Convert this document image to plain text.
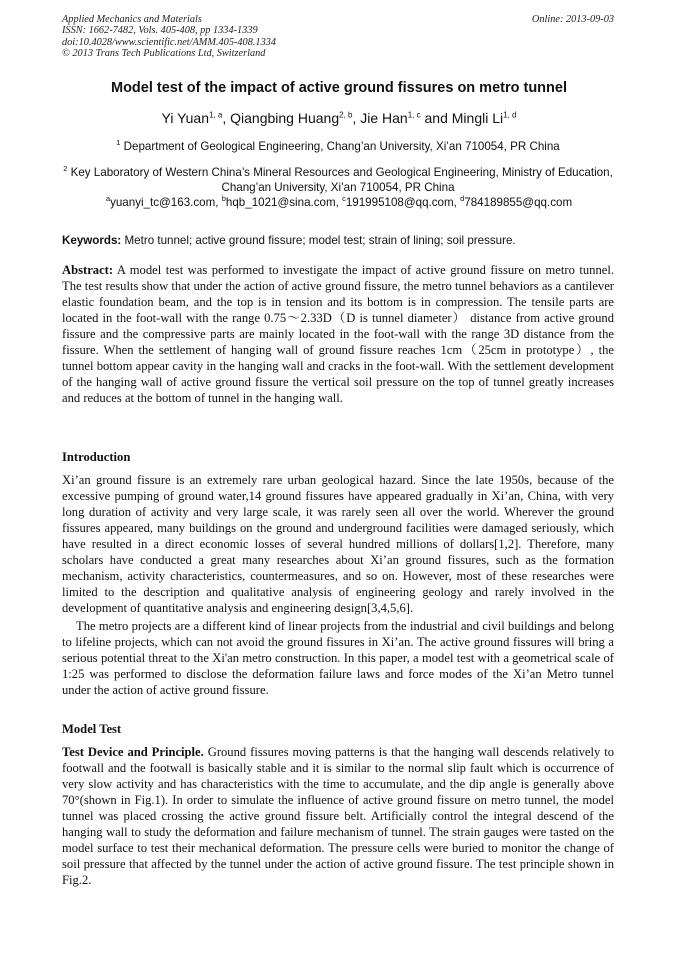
Applied Mechanics and Materials
ISSN: 1662-7482, Vols. 405-408, pp 1334-1339
doi:10.4028/www.scientific.net/AMM.405-408.1334
© 2013 Trans Tech Publications Ltd, Switzerland
Online: 2013-09-03
Model test of the impact of active ground fissures on metro tunnel
Yi Yuan$^{1, a}$, Qiangbing Huang$^{2, b}$, Jie Han$^{1, c}$ and Mingli Li$^{1, d}$
$^1$ Department of Geological Engineering, Chang’an University, Xi’an 710054, PR China
$^2$ Key Laboratory of Western China’s Mineral Resources and Geological Engineering, Ministry of Education, Chang’an University, Xi’an 710054, PR China
$^a$yuanyi_tc@163.com, $^b$hqb_1021@sina.com, $^c$191995108@qq.com, $^d$784189855@qq.com
Keywords: Metro tunnel; active ground fissure; model test; strain of lining; soil pressure.
Abstract: A model test was performed to investigate the impact of active ground fissure on metro tunnel. The test results show that under the action of active ground fissure, the metro tunnel behaviors as a cantilever elastic foundation beam, and the top is in tension and its bottom is in compression. The tensile parts are located in the foot-wall with the range 0.75～2.33D（D is tunnel diameter） distance from active ground fissure and the compressive parts are mainly located in the foot-wall with the range 3D distance from the fissure. When the settlement of hanging wall of ground fissure reaches 1cm（25cm in prototype）, the tunnel bottom appear cavity in the hanging wall and cracks in the foot-wall. With the settlement development of the hanging wall of active ground fissure the vertical soil pressure on the top of tunnel greatly increases and reduces at the bottom of tunnel in the hanging wall.
Introduction
Xi’an ground fissure is an extremely rare urban geological hazard. Since the late 1950s, because of the excessive pumping of ground water,14 ground fissures have appeared gradually in Xi’an, China, with very long duration of activity and very large scale, it was rarely seen all over the world. Wherever the ground fissures appeared, many buildings on the ground and underground facilities were damaged seriously, which have resulted in a direct economic losses of several hundred millions of dollars[1,2]. Therefore, many scholars have conducted a great many researches about Xi’an ground fissures, such as the formation mechanism, activity characteristics, countermeasures, and so on. However, most of these researches were limited to the description and qualitative analysis of engineering geology and rarely involved in the development of quantitative analysis and engineering design[3,4,5,6].
The metro projects are a different kind of linear projects from the industrial and civil buildings and belong to lifeline projects, which can not avoid the ground fissures in Xi’an. The active ground fissures will bring a serious potential threat to the Xi'an metro construction. In this paper, a model test with a geometrical scale of 1:25 was performed to disclose the deformation failure laws and force modes of the Xi’an Metro tunnel under the action of active ground fissure.
Model Test
Test Device and Principle. Ground fissures moving patterns is that the hanging wall descends relatively to footwall and the footwall is basically stable and it is similar to the normal slip fault which is occurrence of very slow activity and has characteristics with the time to accumulate, and the dip angle is generally above 70°(shown in Fig.1). In order to simulate the influence of active ground fissure on metro tunnel, the model tunnel was placed crossing the active ground fissure belt. Artificially control the integral descend of the hanging wall to study the deformation and failure mechanism of tunnel. The strain gauges were tasted on the model surface to test their mechanical deformation. The pressure cells were buried to monitor the change of soil pressure that affected by the tunnel under the action of active ground fissure. The test principle shown in Fig.2.
